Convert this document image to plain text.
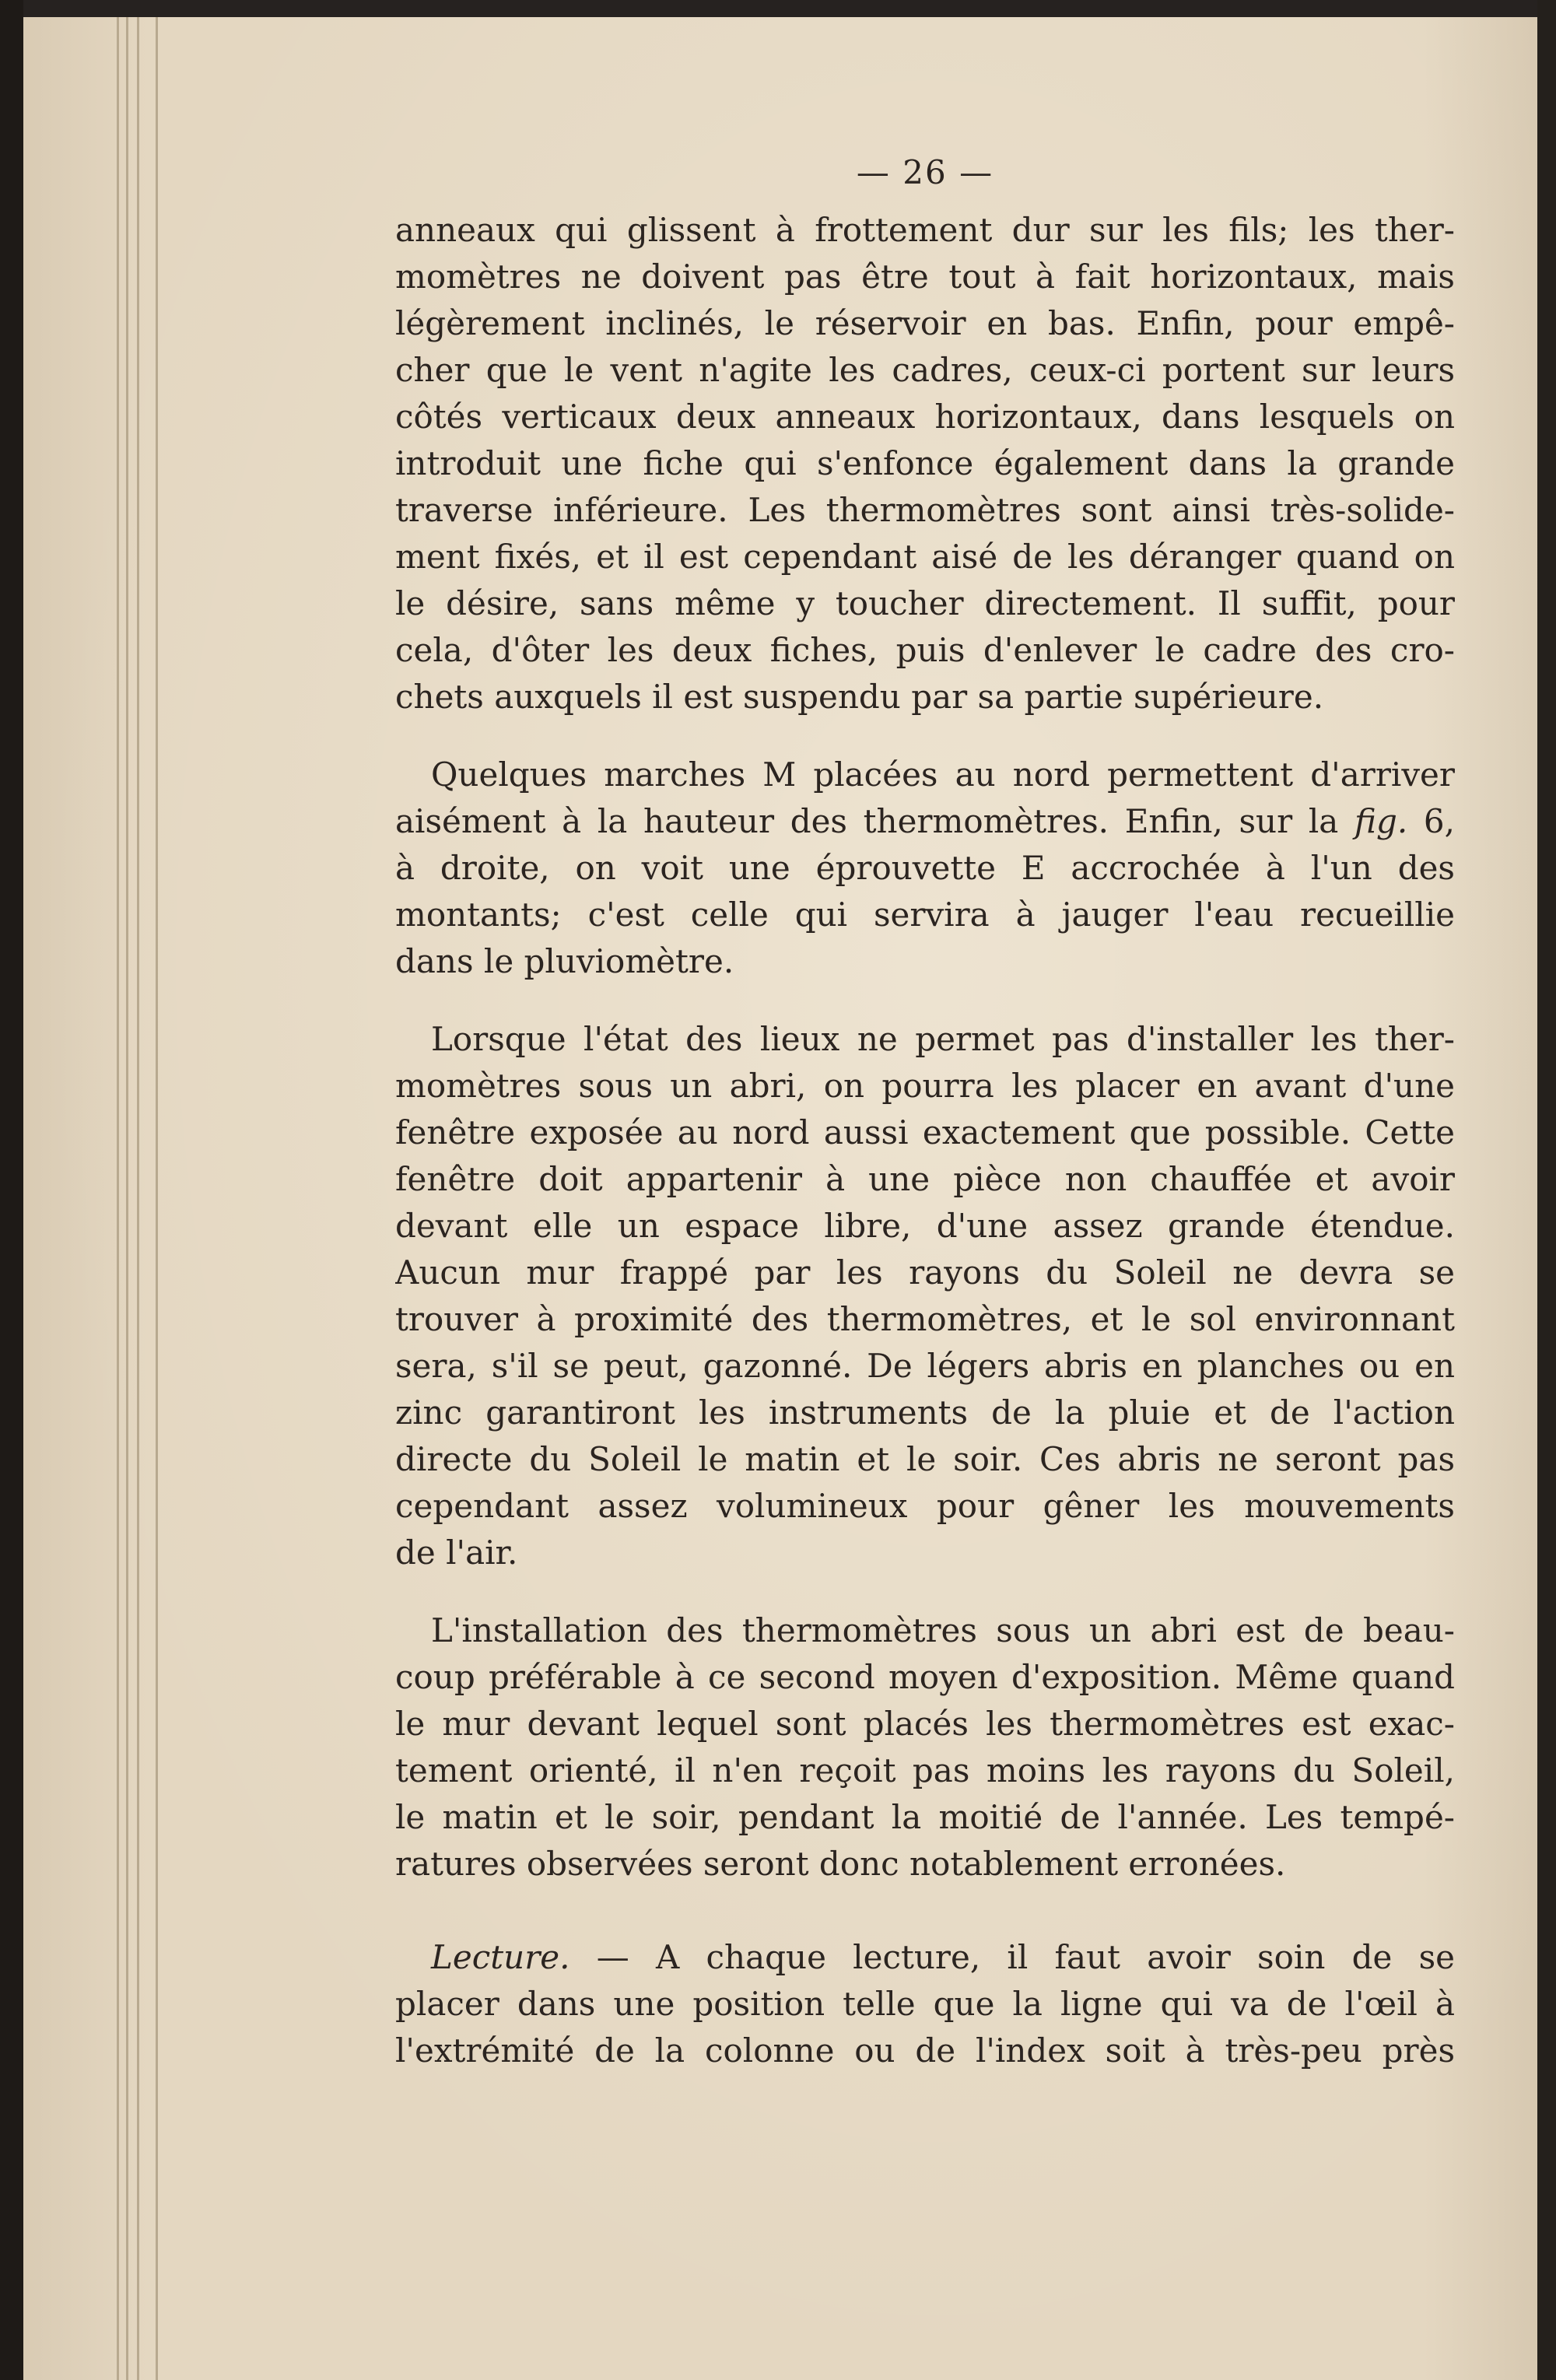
— 26 —
anneaux qui glissent à frottement dur sur les fils; les ther-
momètres ne doivent pas être tout à fait horizontaux, mais
légèrement inclinés, le réservoir en bas. Enfin, pour empê-
cher que le vent n'agite les cadres, ceux-ci portent sur leurs
côtés verticaux deux anneaux horizontaux, dans lesquels on
introduit une fiche qui s'enfonce également dans la grande
traverse inférieure. Les thermomètres sont ainsi très-solide-
ment fixés, et il est cependant aisé de les déranger quand on
le désire, sans même y toucher directement. Il suffit, pour
cela, d'ôter les deux fiches, puis d'enlever le cadre des cro-
chets auxquels il est suspendu par sa partie supérieure.
Quelques marches M placées au nord permettent d'arriver
aisément à la hauteur des thermomètres. Enfin, sur la fig. 6,
à droite, on voit une éprouvette E accrochée à l'un des
montants; c'est celle qui servira à jauger l'eau recueillie
dans le pluviomètre.
Lorsque l'état des lieux ne permet pas d'installer les ther-
momètres sous un abri, on pourra les placer en avant d'une
fenêtre exposée au nord aussi exactement que possible. Cette
fenêtre doit appartenir à une pièce non chauffée et avoir
devant elle un espace libre, d'une assez grande étendue.
Aucun mur frappé par les rayons du Soleil ne devra se
trouver à proximité des thermomètres, et le sol environnant
sera, s'il se peut, gazonné. De légers abris en planches ou en
zinc garantiront les instruments de la pluie et de l'action
directe du Soleil le matin et le soir. Ces abris ne seront pas
cependant assez volumineux pour gêner les mouvements
de l'air.
L'installation des thermomètres sous un abri est de beau-
coup préférable à ce second moyen d'exposition. Même quand
le mur devant lequel sont placés les thermomètres est exac-
tement orienté, il n'en reçoit pas moins les rayons du Soleil,
le matin et le soir, pendant la moitié de l'année. Les tempé-
ratures observées seront donc notablement erronées.
Lecture. — A chaque lecture, il faut avoir soin de se
placer dans une position telle que la ligne qui va de l'œil à
l'extrémité de la colonne ou de l'index soit à très-peu près
